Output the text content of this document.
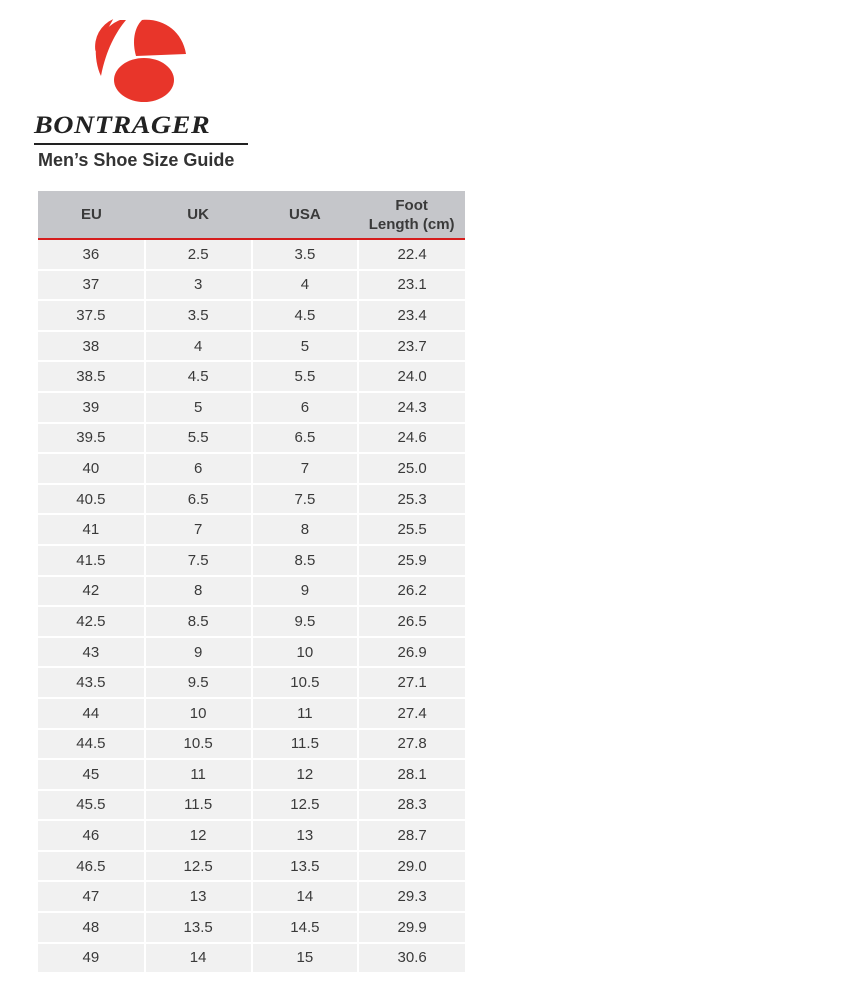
BONTRAGER
Men’s Shoe Size Guide
EU	UK	USA	Foot
Length (cm)
36	2.5	3.5	22.4
37	3	4	23.1
37.5	3.5	4.5	23.4
38	4	5	23.7
38.5	4.5	5.5	24.0
39	5	6	24.3
39.5	5.5	6.5	24.6
40	6	7	25.0
40.5	6.5	7.5	25.3
41	7	8	25.5
41.5	7.5	8.5	25.9
42	8	9	26.2
42.5	8.5	9.5	26.5
43	9	10	26.9
43.5	9.5	10.5	27.1
44	10	11	27.4
44.5	10.5	11.5	27.8
45	11	12	28.1
45.5	11.5	12.5	28.3
46	12	13	28.7
46.5	12.5	13.5	29.0
47	13	14	29.3
48	13.5	14.5	29.9
49	14	15	30.6
